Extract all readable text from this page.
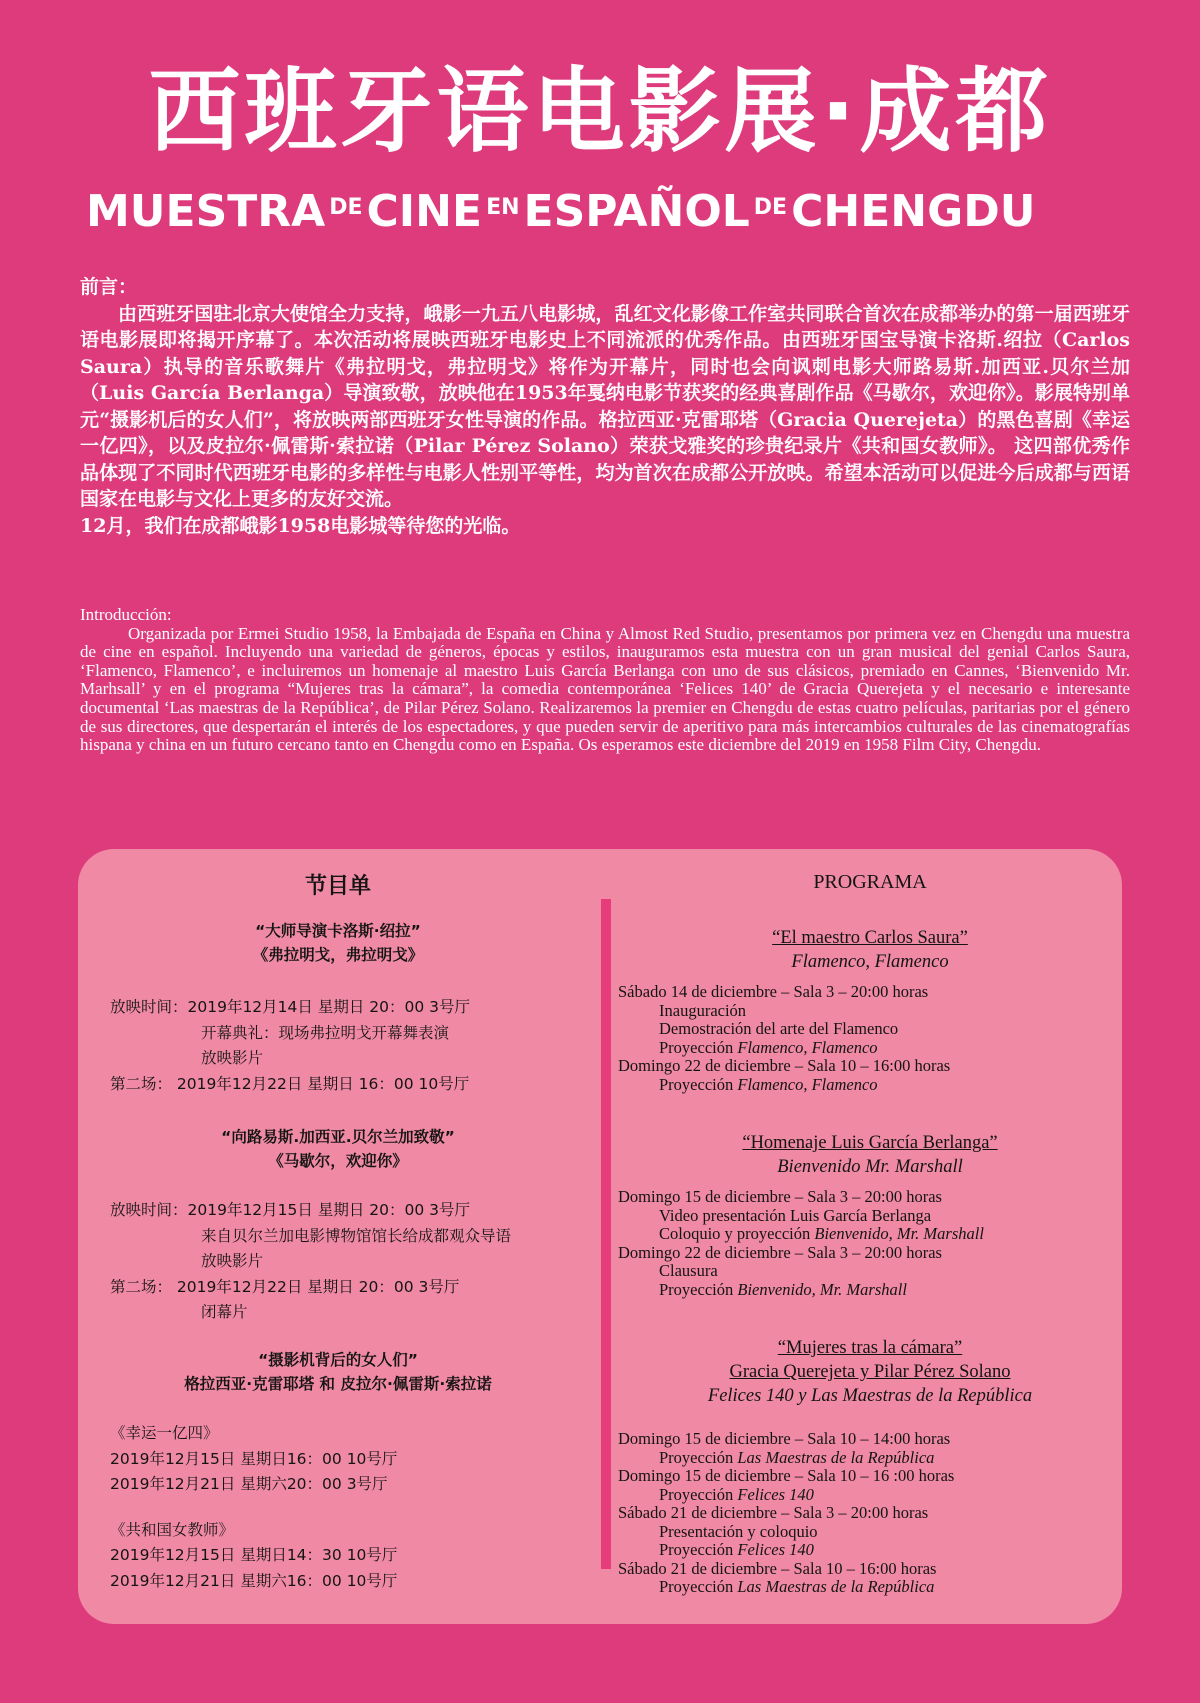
西班牙语电影展·成都
MUESTRA $^{DE}$CINE $^{EN}$ESPAÑOL $^{DE}$CHENGDU
前言：
由西班牙国驻北京大使馆全力支持，峨影一九五八电影城，乱红文化影像工作室共同联合首次在成都举办的第一届西班牙语电影展即将揭开序幕了。本次活动将展映西班牙电影史上不同流派的优秀作品。由西班牙国宝导演卡洛斯.绍拉（Carlos Saura）执导的音乐歌舞片《弗拉明戈，弗拉明戈》将作为开幕片，同时也会向讽刺电影大师路易斯.加西亚.贝尔兰加（Luis García Berlanga）导演致敬，放映他在1953年戛纳电影节获奖的经典喜剧作品《马歇尔，欢迎你》。影展特别单元“摄影机后的女人们”，将放映两部西班牙女性导演的作品。格拉西亚·克雷耶塔（Gracia Querejeta）的黑色喜剧《幸运一亿四》，以及皮拉尔·佩雷斯·索拉诺（Pilar Pérez Solano）荣获戈雅奖的珍贵纪录片《共和国女教师》。 这四部优秀作品体现了不同时代西班牙电影的多样性与电影人性别平等性，均为首次在成都公开放映。希望本活动可以促进今后成都与西语国家在电影与文化上更多的友好交流。
12月，我们在成都峨影1958电影城等待您的光临。
Introducción:
Organizada por Ermei Studio 1958, la Embajada de España en China y Almost Red Studio, presentamos por primera vez en Chengdu una muestra de cine en español. Incluyendo una variedad de géneros, épocas y estilos, inauguramos esta muestra con un gran musical del genial Carlos Saura, ‘Flamenco, Flamenco’, e incluiremos un homenaje al maestro Luis García Berlanga con uno de sus clásicos, premiado en Cannes, ‘Bienvenido Mr. Marhsall’ y en el programa “Mujeres tras la cámara”, la comedia contemporánea ‘Felices 140’ de Gracia Querejeta y el necesario e interesante documental ‘Las maestras de la República’, de Pilar Pérez Solano. Realizaremos la premier en Chengdu de estas cuatro películas, paritarias por el género de sus directores, que despertarán el interés de los espectadores, y que pueden servir de aperitivo para más intercambios culturales de las cinematografías hispana y china en un futuro cercano tanto en Chengdu como en España. Os esperamos este diciembre del 2019 en 1958 Film City, Chengdu.
节目单
“大师导演卡洛斯·绍拉”
《弗拉明戈，弗拉明戈》
放映时间：2019年12月14日 星期日 20：00 3号厅
开幕典礼：现场弗拉明戈开幕舞表演
放映影片
第二场： 2019年12月22日 星期日 16：00 10号厅
“向路易斯.加西亚.贝尔兰加致敬”
《马歇尔，欢迎你》
放映时间：2019年12月15日 星期日 20：00 3号厅
来自贝尔兰加电影博物馆馆长给成都观众导语
放映影片
第二场： 2019年12月22日 星期日 20：00 3号厅
闭幕片
“摄影机背后的女人们”
格拉西亚·克雷耶塔 和 皮拉尔·佩雷斯·索拉诺
《幸运一亿四》
2019年12月15日 星期日16：00 10号厅
2019年12月21日 星期六20：00 3号厅
《共和国女教师》
2019年12月15日 星期日14：30 10号厅
2019年12月21日 星期六16：00 10号厅
PROGRAMA
“El maestro Carlos Saura”
Flamenco, Flamenco
Sábado 14 de diciembre – Sala 3 – 20:00 horas
Inauguración
Demostración del arte del Flamenco
Proyección Flamenco, Flamenco
Domingo 22 de diciembre – Sala 10 – 16:00 horas
Proyección Flamenco, Flamenco
“Homenaje Luis García Berlanga”
Bienvenido Mr. Marshall
Domingo 15 de diciembre – Sala 3 – 20:00 horas
Video presentación Luis García Berlanga
Coloquio y proyección Bienvenido, Mr. Marshall
Domingo 22 de diciembre – Sala 3 – 20:00 horas
Clausura
Proyección Bienvenido, Mr. Marshall
“Mujeres tras la cámara”
Gracia Querejeta y Pilar Pérez Solano
Felices 140 y Las Maestras de la República
Domingo 15 de diciembre – Sala 10 – 14:00 horas
Proyección Las Maestras de la República
Domingo 15 de diciembre – Sala 10 – 16 :00 horas
Proyección Felices 140
Sábado 21 de diciembre – Sala 3 – 20:00 horas
Presentación y coloquio
Proyección Felices 140
Sábado 21 de diciembre – Sala 10 – 16:00 horas
Proyección Las Maestras de la República
